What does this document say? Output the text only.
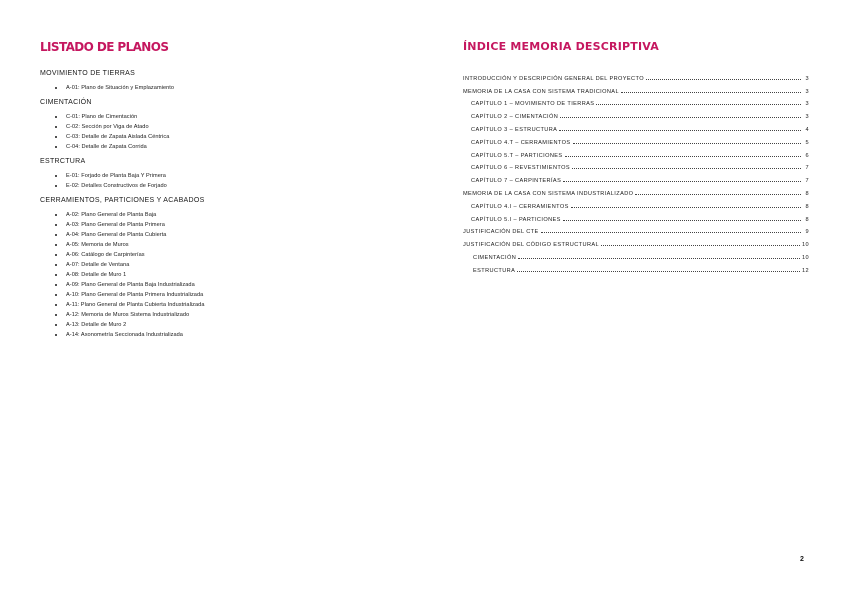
LISTADO DE PLANOS
MOVIMIENTO DE TIERRAS
A-01: Plano de Situación y Emplazamiento
CIMENTACIÓN
C-01: Plano de Cimentación
C-02: Sección por Viga de Atado
C-03: Detalle de Zapata Aislada Céntrica
C-04: Detalle de Zapata Corrida
ESTRCTURA
E-01: Forjado de Planta Baja Y Primera
E-02: Detalles Constructivos de Forjado
CERRAMIENTOS, PARTICIONES Y ACABADOS
A-02: Plano General de Planta Baja
A-03: Plano General de Planta Primera
A-04: Plano General de Planta Cubierta
A-05: Memoria de Muros
A-06: Catálogo de Carpinterías
A-07: Detalle de Ventana
A-08: Detalle de Muro 1
A-09: Plano General de Planta Baja Industrializada
A-10: Plano General de Planta Primera Industrializada
A-11: Plano General de Planta Cubierta Industrializada
A-12: Memoria de Muros Sistema Industrializado
A-13: Detalle de Muro 2
A-14: Axonometría Seccionada Industrializada
ÍNDICE MEMORIA DESCRIPTIVA
INTRODUCCIÓN Y DESCRIPCIÓN GENERAL DEL PROYECTO	3
MEMORIA DE LA CASA CON SISTEMA TRADICIONAL	3
CAPÍTULO 1 – MOVIMIENTO DE TIERRAS	3
CAPÍTULO 2 – CIMENTACIÓN	3
CAPÍTULO 3 – ESTRUCTURA	4
CAPÍTULO 4.T – CERRAMIENTOS	5
CAPÍTULO 5.T – PARTICIONES	6
CAPÍTULO 6 – REVESTIMIENTOS	7
CAPÍTULO 7 – CARPINTERÍAS	7
MEMORIA DE LA CASA CON SISTEMA INDUSTRIALIZADO	8
CAPÍTULO 4.I – CERRAMIENTOS	8
CAPÍTULO 5.I – PARTICIONES	8
JUSTIFICACIÓN DEL CTE	9
JUSTIFICACIÓN DEL CÓDIGO ESTRUCTURAL	10
CIMENTACIÓN	10
ESTRUCTURA	12
2
